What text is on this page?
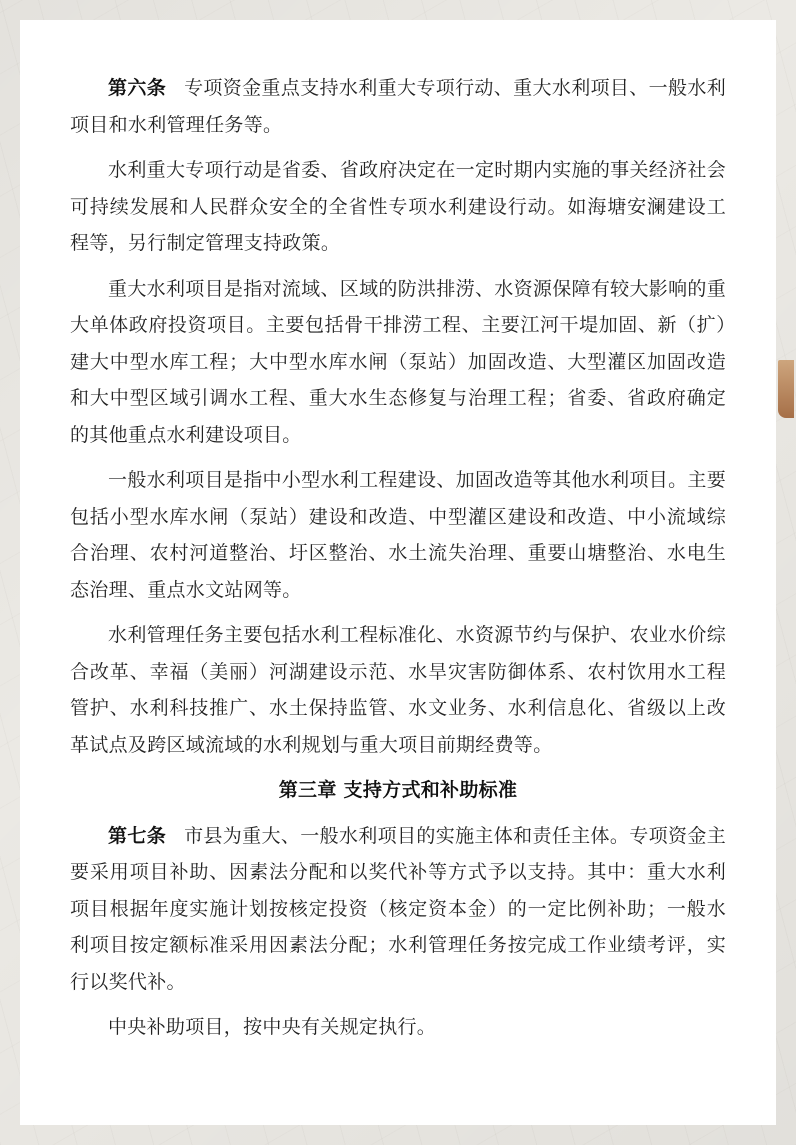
第六条 专项资金重点支持水利重大专项行动、重大水利项目、一般水利项目和水利管理任务等。

水利重大专项行动是省委、省政府决定在一定时期内实施的事关经济社会可持续发展和人民群众安全的全省性专项水利建设行动。如海塘安澜建设工程等，另行制定管理支持政策。

重大水利项目是指对流域、区域的防洪排涝、水资源保障有较大影响的重大单体政府投资项目。主要包括骨干排涝工程、主要江河干堤加固、新（扩）建大中型水库工程；大中型水库水闸（泵站）加固改造、大型灌区加固改造和大中型区域引调水工程、重大水生态修复与治理工程；省委、省政府确定的其他重点水利建设项目。

一般水利项目是指中小型水利工程建设、加固改造等其他水利项目。主要包括小型水库水闸（泵站）建设和改造、中型灌区建设和改造、中小流域综合治理、农村河道整治、圩区整治、水土流失治理、重要山塘整治、水电生态治理、重点水文站网等。

水利管理任务主要包括水利工程标准化、水资源节约与保护、农业水价综合改革、幸福（美丽）河湖建设示范、水旱灾害防御体系、农村饮用水工程管护、水利科技推广、水土保持监管、水文业务、水利信息化、省级以上改革试点及跨区域流域的水利规划与重大项目前期经费等。

第三章 支持方式和补助标准

第七条 市县为重大、一般水利项目的实施主体和责任主体。专项资金主要采用项目补助、因素法分配和以奖代补等方式予以支持。其中：重大水利项目根据年度实施计划按核定投资（核定资本金）的一定比例补助；一般水利项目按定额标准采用因素法分配；水利管理任务按完成工作业绩考评，实行以奖代补。

中央补助项目，按中央有关规定执行。
